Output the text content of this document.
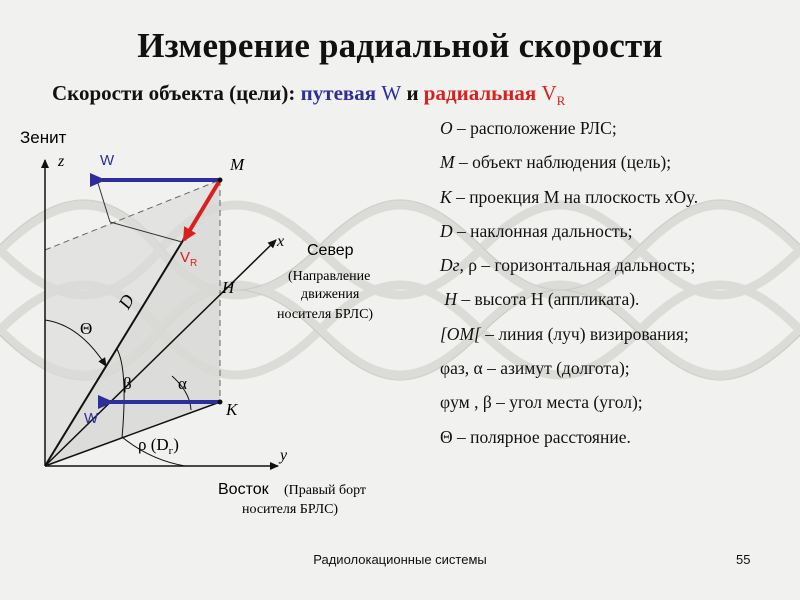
Измерение радиальной скорости
Скорости объекта (цели): путевая W и радиальная $V_R$
Зенит
z
x
y
M
K
W
W
$V_R$
D
H
Θ
β	α
ρ $(D_г)$
Север
(Направление
движения
носителя БРЛС)
Восток (Правый борт
носителя БРЛС)
O – расположение РЛС;
M – объект наблюдения (цель);
K – проекция M на плоскость xOy.
D – наклонная дальность;
Dг, ρ – горизонтальная дальность;
H – высота H (аппликата).
[OM[ – линия (луч) визирования;
φаз, α – азимут (долгота);
φум , β – угол места (угол);
Θ – полярное расстояние.
Радиолокационные системы	55
